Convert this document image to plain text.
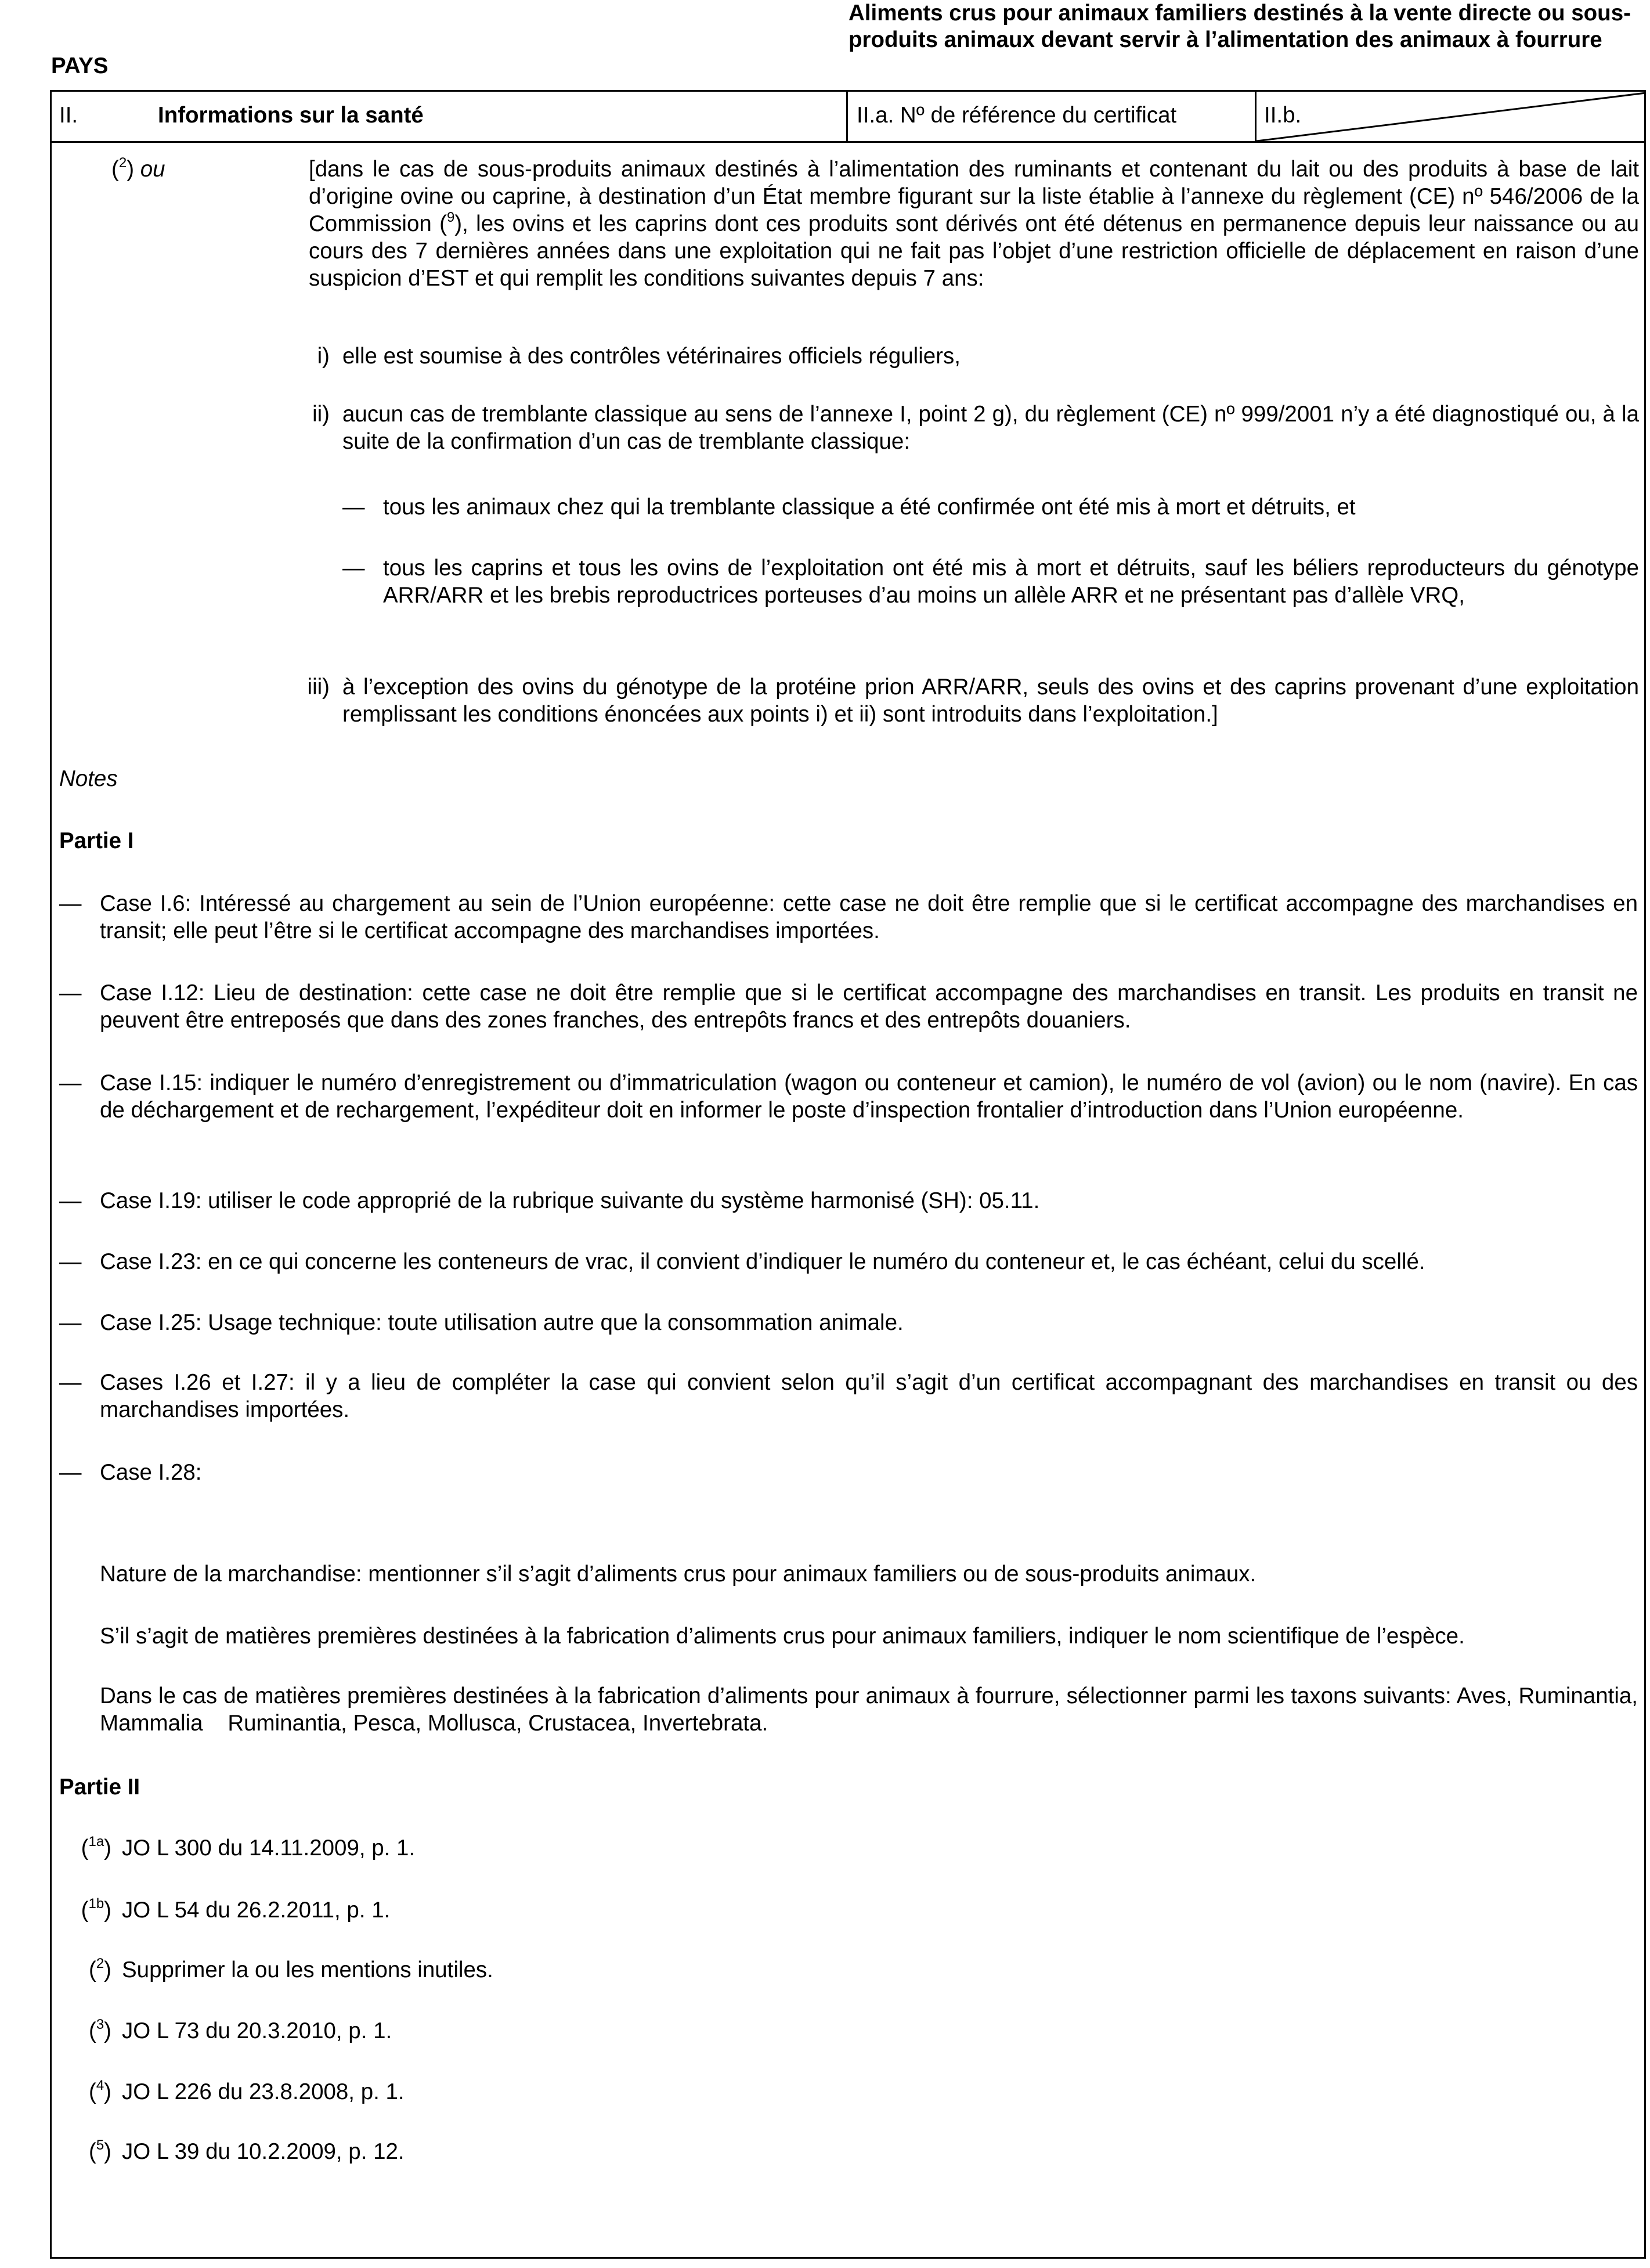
PAYS
Aliments crus pour animaux familiers destinés à la vente directe ou sous-produits animaux devant servir à l’alimentation des animaux à fourrure
II.	Informations sur la santé	II.a. Nº de référence du certificat	II.b.
($^2$) ou	[dans le cas de sous-produits animaux destinés à l’alimentation des ruminants et contenant du lait ou des produits à base de lait d’origine ovine ou caprine, à destination d’un État membre figurant sur la liste établie à l’annexe du règlement (CE) nº 546/2006 de la Commission ($^9$), les ovins et les caprins dont ces produits sont dérivés ont été détenus en permanence depuis leur naissance ou au cours des 7 dernières années dans une exploitation qui ne fait pas l’objet d’une restriction officielle de déplacement en raison d’une suspicion d’EST et qui remplit les conditions suivantes depuis 7 ans:
i) elle est soumise à des contrôles vétérinaires officiels réguliers,
ii) aucun cas de tremblante classique au sens de l’annexe I, point 2 g), du règlement (CE) nº 999/2001 n’y a été diagnostiqué ou, à la suite de la confirmation d’un cas de tremblante classique:
— tous les animaux chez qui la tremblante classique a été confirmée ont été mis à mort et détruits, et
— tous les caprins et tous les ovins de l’exploitation ont été mis à mort et détruits, sauf les béliers reproducteurs du génotype ARR/ARR et les brebis reproductrices porteuses d’au moins un allèle ARR et ne présentant pas d’allèle VRQ,
iii) à l’exception des ovins du génotype de la protéine prion ARR/ARR, seuls des ovins et des caprins provenant d’une exploitation remplissant les conditions énoncées aux points i) et ii) sont introduits dans l’exploitation.]
Notes
Partie I
— Case I.6: Intéressé au chargement au sein de l’Union européenne: cette case ne doit être remplie que si le certificat accompagne des marchandises en transit; elle peut l’être si le certificat accompagne des marchandises importées.
— Case I.12: Lieu de destination: cette case ne doit être remplie que si le certificat accompagne des marchandises en transit. Les produits en transit ne peuvent être entreposés que dans des zones franches, des entrepôts francs et des entrepôts douaniers.
— Case I.15: indiquer le numéro d’enregistrement ou d’immatriculation (wagon ou conteneur et camion), le numéro de vol (avion) ou le nom (navire). En cas de déchargement et de rechargement, l’expéditeur doit en informer le poste d’inspection frontalier d’introduction dans l’Union européenne.
— Case I.19: utiliser le code approprié de la rubrique suivante du système harmonisé (SH): 05.11.
— Case I.23: en ce qui concerne les conteneurs de vrac, il convient d’indiquer le numéro du conteneur et, le cas échéant, celui du scellé.
— Case I.25: Usage technique: toute utilisation autre que la consommation animale.
— Cases I.26 et I.27: il y a lieu de compléter la case qui convient selon qu’il s’agit d’un certificat accompagnant des marchandises en transit ou des marchandises importées.
— Case I.28:
Nature de la marchandise: mentionner s’il s’agit d’aliments crus pour animaux familiers ou de sous-produits animaux.
S’il s’agit de matières premières destinées à la fabrication d’aliments crus pour animaux familiers, indiquer le nom scientifique de l’espèce.
Dans le cas de matières premières destinées à la fabrication d’aliments pour animaux à fourrure, sélectionner parmi les taxons suivants: Aves, Ruminantia, Mammalia    Ruminantia, Pesca, Mollusca, Crustacea, Invertebrata.
Partie II
($^{1a}$) JO L 300 du 14.11.2009, p. 1.
($^{1b}$) JO L 54 du 26.2.2011, p. 1.
($^2$) Supprimer la ou les mentions inutiles.
($^3$) JO L 73 du 20.3.2010, p. 1.
($^4$) JO L 226 du 23.8.2008, p. 1.
($^5$) JO L 39 du 10.2.2009, p. 12.
